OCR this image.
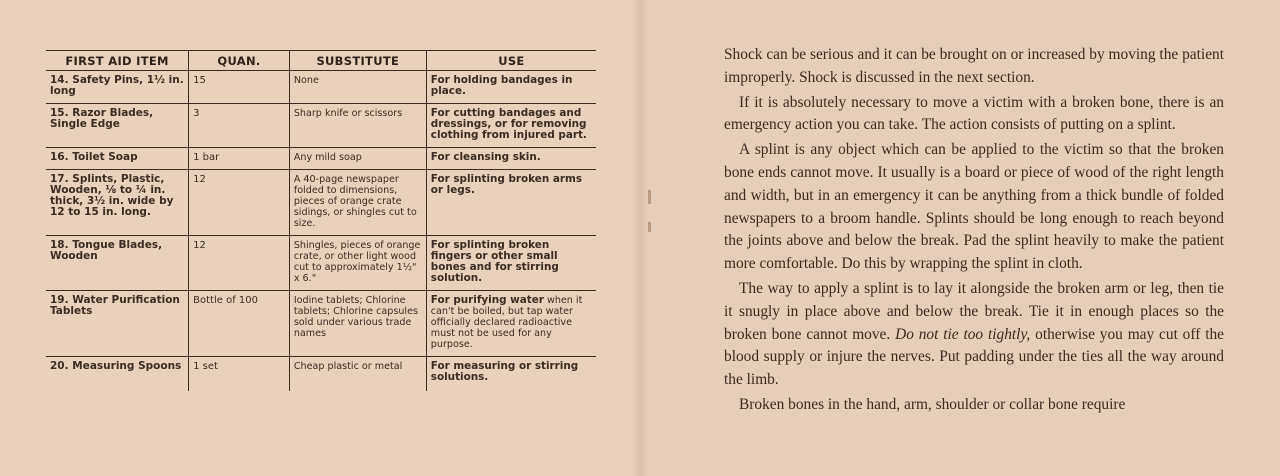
FIRST AID ITEM	QUAN.	SUBSTITUTE	USE
14. Safety Pins, 1½ in. long	15	None	For holding bandages in place.
15. Razor Blades, Single Edge	3	Sharp knife or scissors	For cutting bandages and dressings, or for removing clothing from injured part.
16. Toilet Soap	1 bar	Any mild soap	For cleansing skin.
17. Splints, Plastic, Wooden, ⅛ to ¼ in. thick, 3½ in. wide by 12 to 15 in. long.	12	A 40-page newspaper folded to dimensions, pieces of orange crate sidings, or shingles cut to size.	For splinting broken arms or legs.
18. Tongue Blades, Wooden	12	Shingles, pieces of orange crate, or other light wood cut to approximately 1½" x 6."	For splinting broken fingers or other small bones and for stirring solution.
19. Water Purification Tablets	Bottle of 100	Iodine tablets; Chlorine tablets; Chlorine capsules sold under various trade names	For purifying water when it can't be boiled, but tap water officially declared radioactive must not be used for any purpose.
20. Measuring Spoons	1 set	Cheap plastic or metal	For measuring or stirring solutions.

Shock can be serious and it can be brought on or increased by moving the patient improperly. Shock is discussed in the next section.

If it is absolutely necessary to move a victim with a broken bone, there is an emergency action you can take. The action consists of putting on a splint.

A splint is any object which can be applied to the victim so that the broken bone ends cannot move. It usually is a board or piece of wood of the right length and width, but in an emergency it can be anything from a thick bundle of folded newspapers to a broom handle. Splints should be long enough to reach beyond the joints above and below the break. Pad the splint heavily to make the patient more comfortable. Do this by wrapping the splint in cloth.

The way to apply a splint is to lay it alongside the broken arm or leg, then tie it snugly in place above and below the break. Tie it in enough places so the broken bone cannot move. Do not tie too tightly, otherwise you may cut off the blood supply or injure the nerves. Put padding under the ties all the way around the limb.

Broken bones in the hand, arm, shoulder or collar bone require
